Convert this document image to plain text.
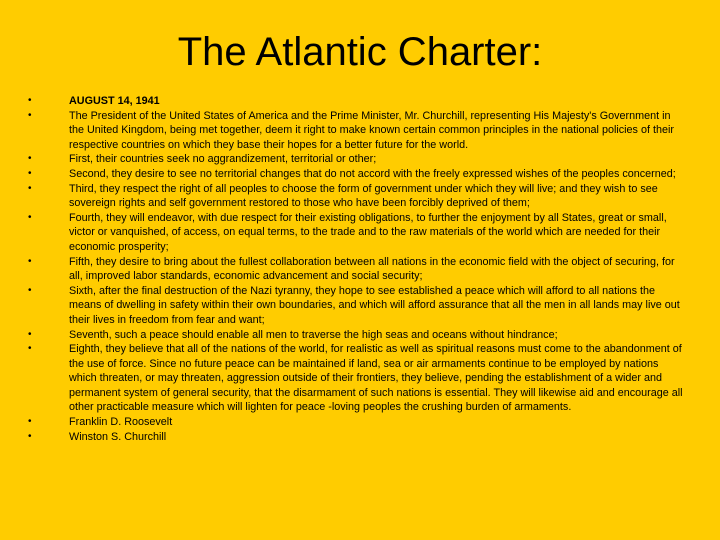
The Atlantic Charter:
•	AUGUST 14, 1941
•	The President of the United States of America and the Prime Minister, Mr. Churchill, representing His Majesty's Government in the United Kingdom, being met together, deem it right to make known certain common principles in the national policies of their respective countries on which they base their hopes for a better future for the world.
•	First, their countries seek no aggrandizement, territorial or other;
•	Second, they desire to see no territorial changes that do not accord with the freely expressed wishes of the peoples concerned;
•	Third, they respect the right of all peoples to choose the form of government under which they will live; and they wish to see sovereign rights and self government restored to those who have been forcibly deprived of them;
•	Fourth, they will endeavor, with due respect for their existing obligations, to further the enjoyment by all States, great or small, victor or vanquished, of access, on equal terms, to the trade and to the raw materials of the world which are needed for their economic prosperity;
•	Fifth, they desire to bring about the fullest collaboration between all nations in the economic field with the object of securing, for all, improved labor standards, economic advancement and social security;
•	Sixth, after the final destruction of the Nazi tyranny, they hope to see established a peace which will afford to all nations the means of dwelling in safety within their own boundaries, and which will afford assurance that all the men in all lands may live out their lives in freedom from fear and want;
•	Seventh, such a peace should enable all men to traverse the high seas and oceans without hindrance;
•	Eighth, they believe that all of the nations of the world, for realistic as well as spiritual reasons must come to the abandonment of the use of force. Since no future peace can be maintained if land, sea or air armaments continue to be employed by nations which threaten, or may threaten, aggression outside of their frontiers, they believe, pending the establishment of a wider and permanent system of general security, that the disarmament of such nations is essential. They will likewise aid and encourage all other practicable measure which will lighten for peace -loving peoples the crushing burden of armaments.
•	Franklin D. Roosevelt
•	Winston S. Churchill
